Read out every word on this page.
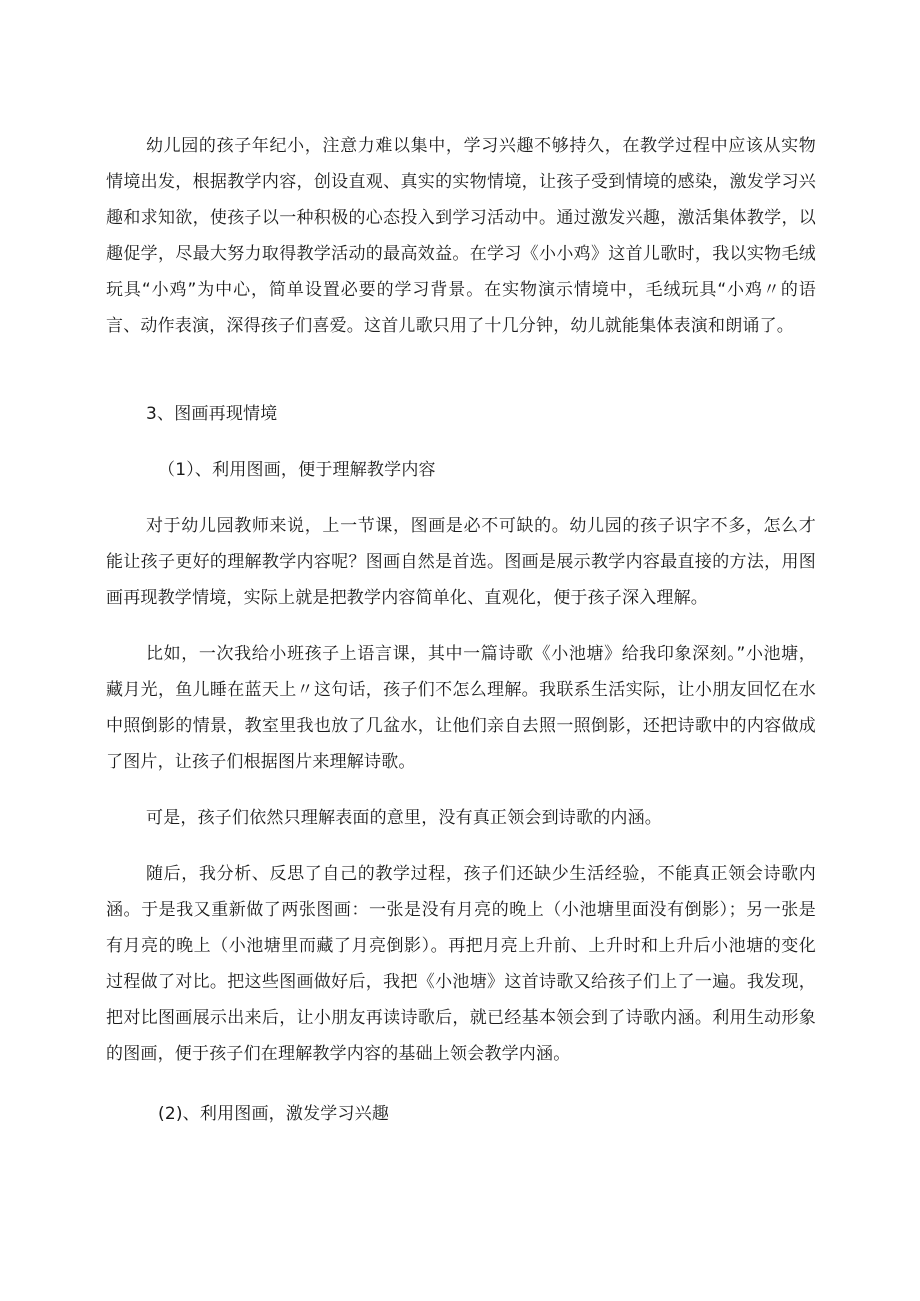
幼儿园的孩子年纪小，注意力难以集中，学习兴趣不够持久，在教学过程中应该从实物情境出发，根据教学内容，创设直观、真实的实物情境，让孩子受到情境的感染，激发学习兴趣和求知欲，使孩子以一种积极的心态投入到学习活动中。通过激发兴趣，激活集体教学，以趣促学，尽最大努力取得教学活动的最高效益。在学习《小小鸡》这首儿歌时，我以实物毛绒玩具“小鸡”为中心，简单设置必要的学习背景。在实物演示情境中，毛绒玩具“小鸡〃的语言、动作表演，深得孩子们喜爱。这首儿歌只用了十几分钟，幼儿就能集体表演和朗诵了。

3、图画再现情境

（1）、利用图画，便于理解教学内容

对于幼儿园教师来说，上一节课，图画是必不可缺的。幼儿园的孩子识字不多，怎么才能让孩子更好的理解教学内容呢？图画自然是首选。图画是展示教学内容最直接的方法，用图画再现教学情境，实际上就是把教学内容简单化、直观化，便于孩子深入理解。

比如，一次我给小班孩子上语言课，其中一篇诗歌《小池塘》给我印象深刻。”小池塘，藏月光，鱼儿睡在蓝天上〃这句话，孩子们不怎么理解。我联系生活实际，让小朋友回忆在水中照倒影的情景，教室里我也放了几盆水，让他们亲自去照一照倒影，还把诗歌中的内容做成了图片，让孩子们根据图片来理解诗歌。

可是，孩子们依然只理解表面的意里，没有真正领会到诗歌的内涵。

随后，我分析、反思了自己的教学过程，孩子们还缺少生活经验，不能真正领会诗歌内涵。于是我又重新做了两张图画：一张是没有月亮的晚上（小池塘里面没有倒影）；另一张是有月亮的晚上（小池塘里而藏了月亮倒影）。再把月亮上升前、上升时和上升后小池塘的变化过程做了对比。把这些图画做好后，我把《小池塘》这首诗歌又给孩子们上了一遍。我发现，把对比图画展示出来后，让小朋友再读诗歌后，就已经基本领会到了诗歌内涵。利用生动形象的图画，便于孩子们在理解教学内容的基础上领会教学内涵。

(2)、利用图画，激发学习兴趣
